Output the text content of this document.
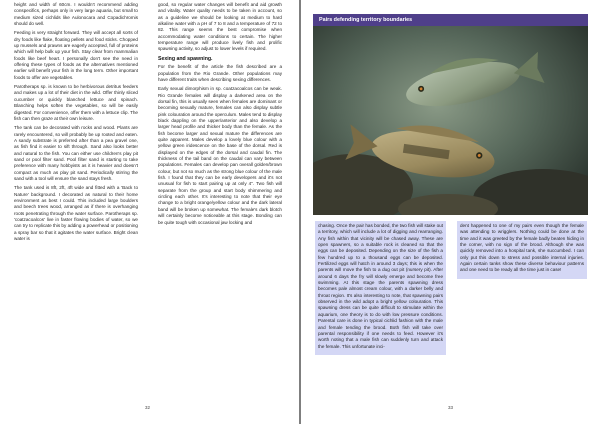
height and width of 60cm. I wouldn't recommend adding conspecifics, perhaps only in very large aquaria, but small to medium sized cichlids like Aulonocara and Copadichromis should do well.

Feeding is very straight forward. They will accept all sorts of dry foods like flake, floating pellets and food sticks. Chopped up mussels and prawns are eagerly accepted, full of proteins which will help bulk up your fish. Stay clear from mammalian foods like beef heart. I personally don't see the need in offering these types of foods as the alternatives mentioned earlier will benefit your fish in the long term. Other important foods to offer are vegetables.

Parotheraps sp. is known to be herbivorous detritus feeders and makes up a lot of their diet in the wild. Offer thinly sliced cucumber or quickly blanched lettuce and spinach. Blanching helps soften the vegetables, so will be easily digested. For convenience, offer them with a lettuce clip. The fish can then graze at their own leisure.

The tank can be decorated with rocks and wood. Plants are rarely encountered, so will probably be up rooted and eaten. A sandy substrate is preferred after than a pea gravel one, as fish find it easier to sift through. Sand also looks better and natural to the fish. You can either use children's play pit sand or pool filter sand. Pool filter sand is starting to take preference with many hobbyists as it is heavier and doesn't compact as much as play pit sand. Periodically stirring the sand with a tool will ensure the sand stays fresh.

The tank used is 8ft, 2ft, 4ft wide and fitted with a 'Back to Nature' background. I decorated as natural to their home environment as best I could. This included large boulders and beech trees wood, arranged as if there is overhanging roots penetrating through the water surface. Parotheraps sp. 'coatzacoalcos' live in faster flowing bodies of water, so we can try to replicate this by adding a powerhead or positioning a spray bar so that it agitates the water surface. Bright clean water is

good, so regular water changes will benefit and aid growth and vitality. Water quality needs to be taken in account, so as a guideline we should be looking at medium to hard alkaline water with a pH of 7 to 8 and a temperature of 72 to 82. This range seems the best compromise when accommodating water conditions to certain. The higher temperature range will produce lively fish and prolific spawning activity, so adjust to lower levels if required.

Sexing and spawning.

For the benefit of the article the fish described are a population from the Rio Grande. Other populations may have different traits when describing sexing differences.

Early sexual dimorphism in sp. coatzacoalcos can be weak. Rio Grande females will display a darkened area on the dorsal fin, this is usually seen when females are dominant or becoming sexually mature, females can also display subtle pink colouration around the operculum. Males tend to display black dappling on the upper/anterior and also develop a larger head profile and thicker body than the female. As the fish become larger and sexual mature the differences are quite apparent. Males develop a lovely blue colour with a yellow green iridescence on the base of the dorsal. Red is displayed on the edges of the dorsal and caudal fin. The thickness of the tail band on the caudal can vary between populations. Females can develop pan overall golden/brown colour, but not so much as the strong blue colour of the male fish. I found that they can be early developers and it's not unusual for fish to start pairing up at only 4". Two fish will separate from the group and start body shimmering and circling each other. It's interesting to note that their eye change to a bright orange/yellow colour and the dark lateral band will be broken up somewhat. The female's dark blotch will certainly become noticeable at this stage. Bonding can be quite tough with occasional jaw locking and

32
Pairs defending territory boundaries

chasing. Once the pair has bonded, the two fish will stake out a territory, which will include a lot of digging and rearranging. Any fish within that vicinity will be chased away. These are open spawners, so a suitable rock is cleaned so that the eggs can be deposited. Depending on the size of the fish a few hundred up to a thousand eggs can be deposited. Fertilized eggs will hatch in around 3 days; this is when the parents will move the fish to a dug out pit (nursery pit). After around 6 days the fry will slowly emerge and become free swimming. At this stage the parents spawning dress becomes pale almost cream colour, with a darker belly and throat region. It's also interesting to note, that spawning pairs observed in the wild adopt a bright yellow colouration. This spawning dress can be quite difficult to stimulate within the aquarium, one theory is to do with low pressure conditions. Parental care is done in typical cichlid fashion with the male and female tending the brood. Both fish will take over parental responsibility if one needs to feed. However it's worth noting that a male fish can suddenly turn and attack the female. This unfortunate inci-

dent happened to one of my pairs even though the female was attending to wrigglers. Nothing could be done at the time and it was greeted by the female badly beaten hiding in the corner, with no sign of the brood. Although she was quickly removed into a hospital tank, she succumbed. I can only put this down to stress and possible internal injuries. Again certain tanks show these diverse behaviour patterns and one need to be ready all the time just in case!

33
